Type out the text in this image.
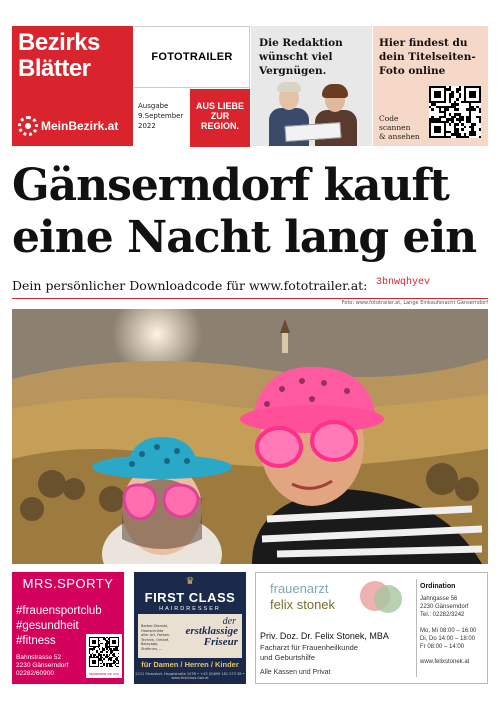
Bezirks
Blätter
MeinBezirk.at
FOTOTRAILER
Ausgabe
9.September
2022
AUS LIEBE
ZUR
REGION.
Die Redaktion
wünscht viel
Vergnügen.
Hier findest du
dein Titelseiten-
Foto online
Code
scannen
& ansehen
Gänserndorf kauft
eine Nacht lang ein
Dein persönlicher Downloadcode für www.fototrailer.at: 3bnwqhyev
Foto: www.fototrailer.at, Lange Einkaufsnacht Gänserndorf
MRS.SPORTY
#frauensportclub
#gesundheit
#fitness
Bahnstrasse 52
2230 Gänserndorf
02282/60900	PROBIEREN SIE AUS
♛
FIRST CLASS
HAIRDRESSER
Barber-Dienste, Haarschnitte aller Art, Farben-Technik, Ombré, Balayage, Strähnen, ...
der
erstklassige
Friseur
für Damen / Herren / Kinder
2231 Strasshof, Hauptstraße 107B • +43 (0)699 181 573 38 • www.firstclass-hair.at
frauenarzt
felix stonek
Priv. Doz. Dr. Felix Stonek, MBA
Facharzt für Frauenheilkunde
und Geburtshilfe
Alle Kassen und Privat
Ordination
Jahngasse 56
2230 Gänserndorf
Tel.: 02282/3242
Mo, Mi 08:00 – 16:00
Di, Do 14:00 – 18:00
Fr 08:00 – 14:00
www.felixstonek.at
